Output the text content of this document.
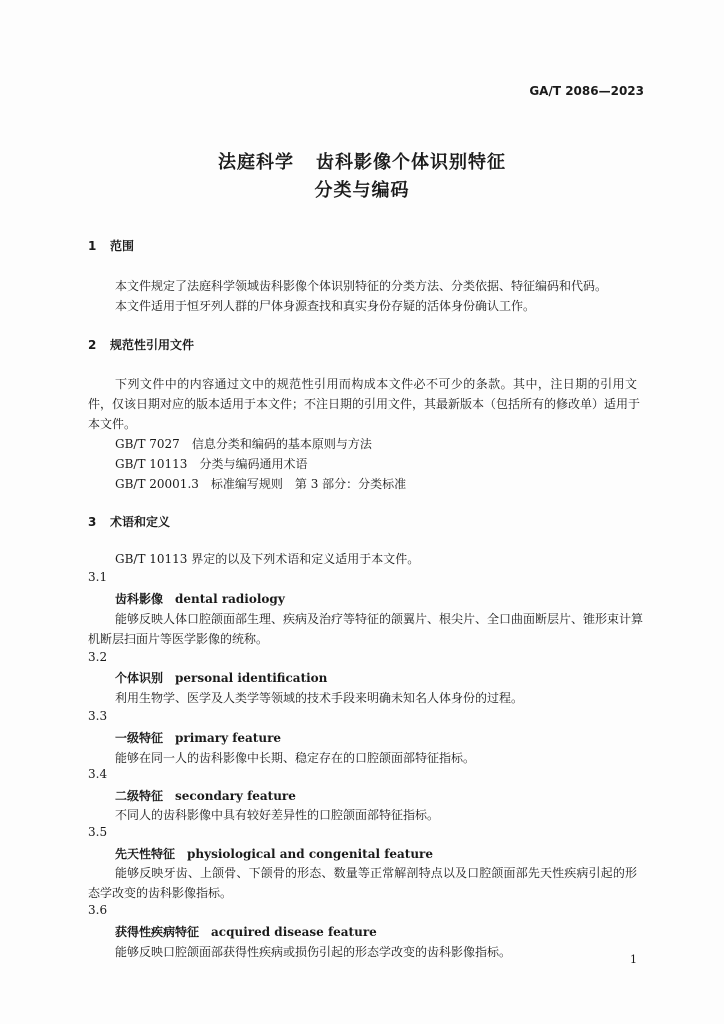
GA/T 2086—2023
法庭科学 齿科影像个体识别特征
分类与编码
1 范围

本文件规定了法庭科学领域齿科影像个体识别特征的分类方法、分类依据、特征编码和代码。

本文件适用于恒牙列人群的尸体身源查找和真实身份存疑的活体身份确认工作。

2 规范性引用文件

下列文件中的内容通过文中的规范性引用而构成本文件必不可少的条款。其中，注日期的引用文

件，仅该日期对应的版本适用于本文件；不注日期的引用文件，其最新版本（包括所有的修改单）适用于

本文件。

GB/T 7027 信息分类和编码的基本原则与方法
GB/T 10113 分类与编码通用术语
GB/T 20001.3 标准编写规则　第 3 部分：分类标准
3 术语和定义

GB/T 10113 界定的以及下列术语和定义适用于本文件。

3.1
齿科影像 dental radiology

能够反映人体口腔颌面部生理、疾病及治疗等特征的颌翼片、根尖片、全口曲面断层片、锥形束计算

机断层扫面片等医学影像的统称。

3.2
个体识别 personal identification

利用生物学、医学及人类学等领域的技术手段来明确未知名人体身份的过程。

3.3
一级特征 primary feature

能够在同一人的齿科影像中长期、稳定存在的口腔颌面部特征指标。

3.4
二级特征 secondary feature

不同人的齿科影像中具有较好差异性的口腔颌面部特征指标。

3.5
先天性特征 physiological and congenital feature

能够反映牙齿、上颌骨、下颌骨的形态、数量等正常解剖特点以及口腔颌面部先天性疾病引起的形

态学改变的齿科影像指标。

3.6
获得性疾病特征 acquired disease feature

能够反映口腔颌面部获得性疾病或损伤引起的形态学改变的齿科影像指标。

1
